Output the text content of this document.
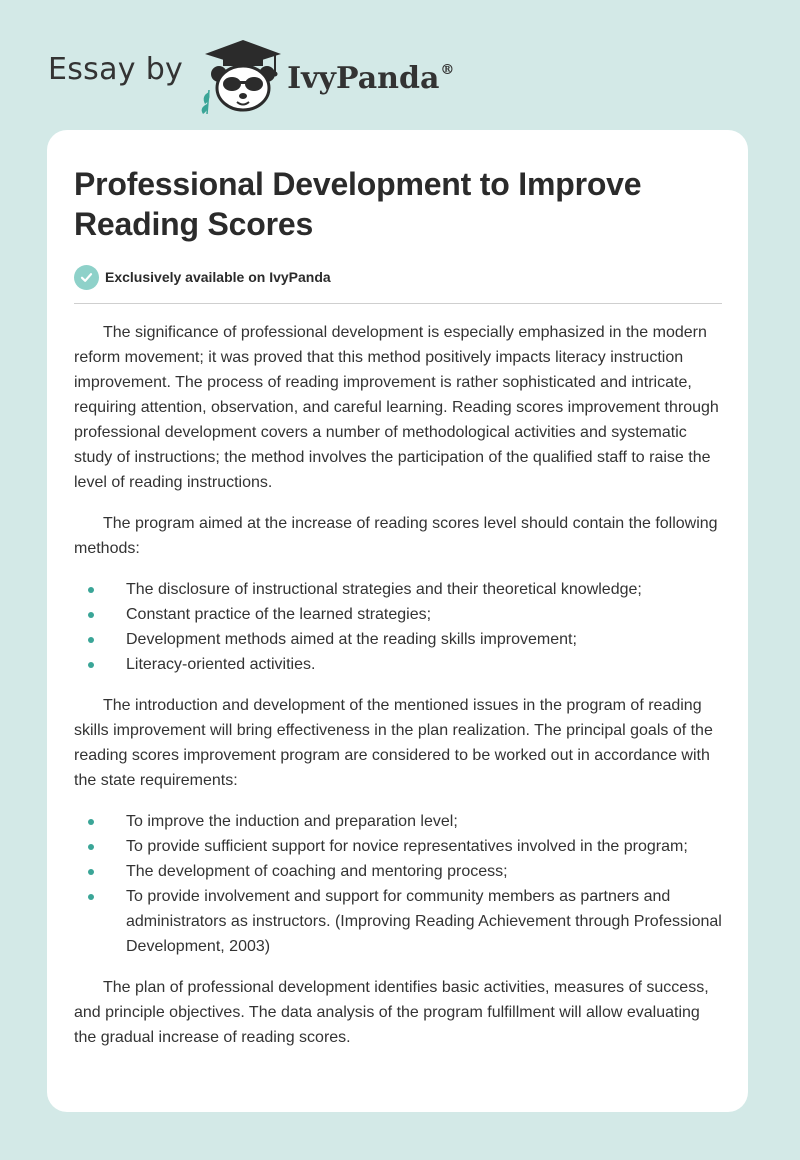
Essay by	IvyPanda®
Professional Development to Improve Reading Scores
Exclusively available on IvyPanda

The significance of professional development is especially emphasized in the modern reform movement; it was proved that this method positively impacts literacy instruction improvement. The process of reading improvement is rather sophisticated and intricate, requiring attention, observation, and careful learning. Reading scores improvement through professional development covers a number of methodological activities and systematic study of instructions; the method involves the participation of the qualified staff to raise the level of reading instructions.

The program aimed at the increase of reading scores level should contain the following methods:

The disclosure of instructional strategies and their theoretical knowledge;
Constant practice of the learned strategies;
Development methods aimed at the reading skills improvement;
Literacy-oriented activities.

The introduction and development of the mentioned issues in the program of reading skills improvement will bring effectiveness in the plan realization. The principal goals of the reading scores improvement program are considered to be worked out in accordance with the state requirements:

To improve the induction and preparation level;
To provide sufficient support for novice representatives involved in the program;
The development of coaching and mentoring process;
To provide involvement and support for community members as partners and administrators as instructors. (Improving Reading Achievement through Professional Development, 2003)

The plan of professional development identifies basic activities, measures of success, and principle objectives. The data analysis of the program fulfillment will allow evaluating the gradual increase of reading scores.
